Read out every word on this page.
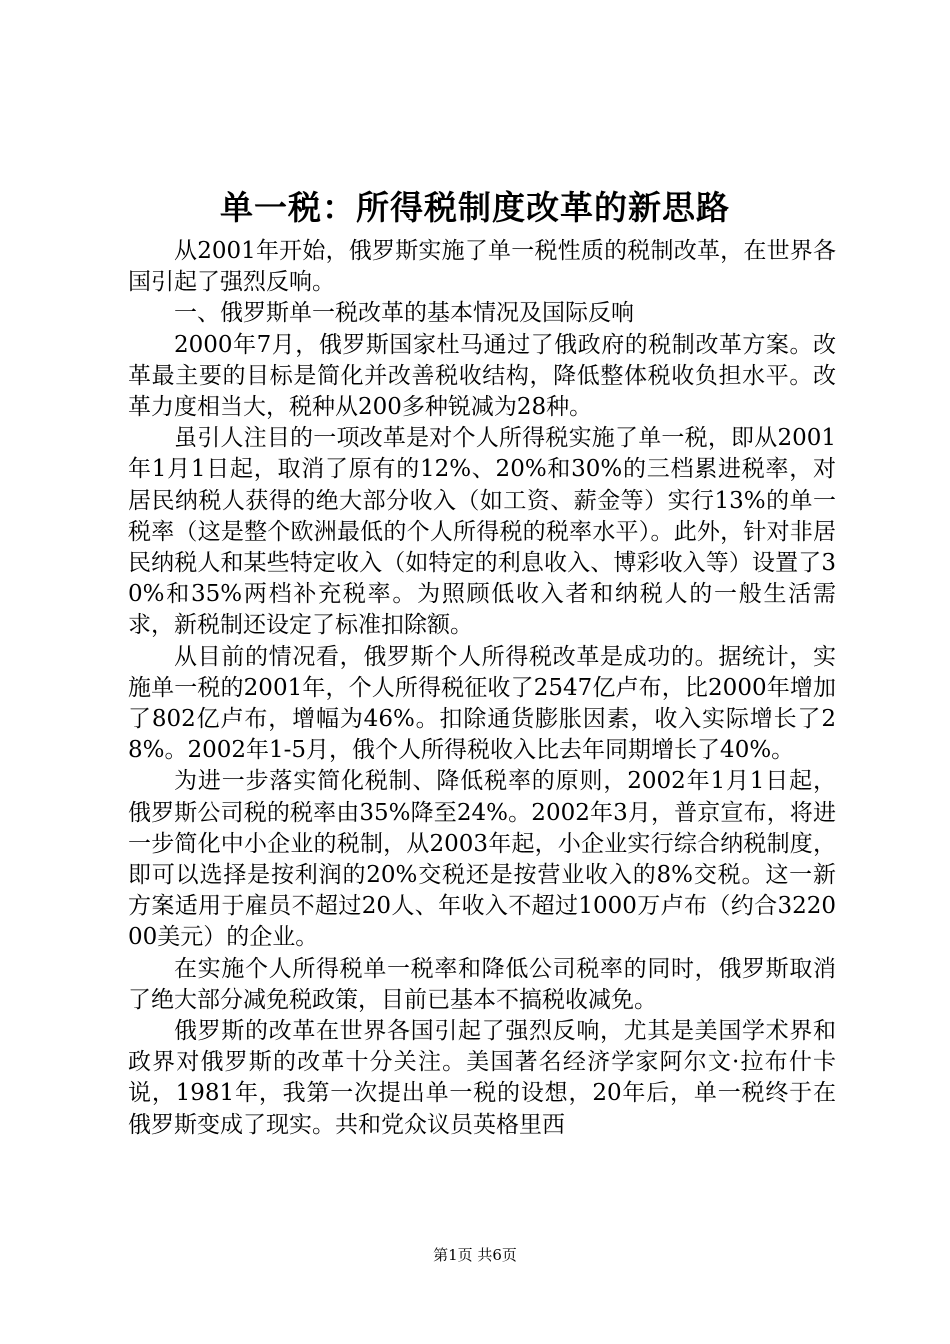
单一税：所得税制度改革的新思路

从2001年开始，俄罗斯实施了单一税性质的税制改革，在世界各国引起了强烈反响。

一、俄罗斯单一税改革的基本情况及国际反响

2000年7月，俄罗斯国家杜马通过了俄政府的税制改革方案。改革最主要的目标是简化并改善税收结构，降低整体税收负担水平。改革力度相当大，税种从200多种锐减为28种。

虽引人注目的一项改革是对个人所得税实施了单一税，即从2001年1月1日起，取消了原有的12%、20%和30%的三档累进税率，对居民纳税人获得的绝大部分收入（如工资、薪金等）实行13%的单一税率（这是整个欧洲最低的个人所得税的税率水平）。此外，针对非居民纳税人和某些特定收入（如特定的利息收入、博彩收入等）设置了30%和35%两档补充税率。为照顾低收入者和纳税人的一般生活需求，新税制还设定了标准扣除额。

从目前的情况看，俄罗斯个人所得税改革是成功的。据统计，实施单一税的2001年，个人所得税征收了2547亿卢布，比2000年增加了802亿卢布，增幅为46%。扣除通货膨胀因素，收入实际增长了28%。2002年1-5月，俄个人所得税收入比去年同期增长了40%。

为进一步落实简化税制、降低税率的原则，2002年1月1日起，俄罗斯公司税的税率由35%降至24%。2002年3月，普京宣布，将进一步简化中小企业的税制，从2003年起，小企业实行综合纳税制度，即可以选择是按利润的20%交税还是按营业收入的8%交税。这一新方案适用于雇员不超过20人、年收入不超过1000万卢布（约合322000美元）的企业。

在实施个人所得税单一税率和降低公司税率的同时，俄罗斯取消了绝大部分减免税政策，目前已基本不搞税收减免。

俄罗斯的改革在世界各国引起了强烈反响，尤其是美国学术界和政界对俄罗斯的改革十分关注。美国著名经济学家阿尔文·拉布什卡说，1981年，我第一次提出单一税的设想，20年后，单一税终于在俄罗斯变成了现实。共和党众议员英格里西

第1页 共6页
